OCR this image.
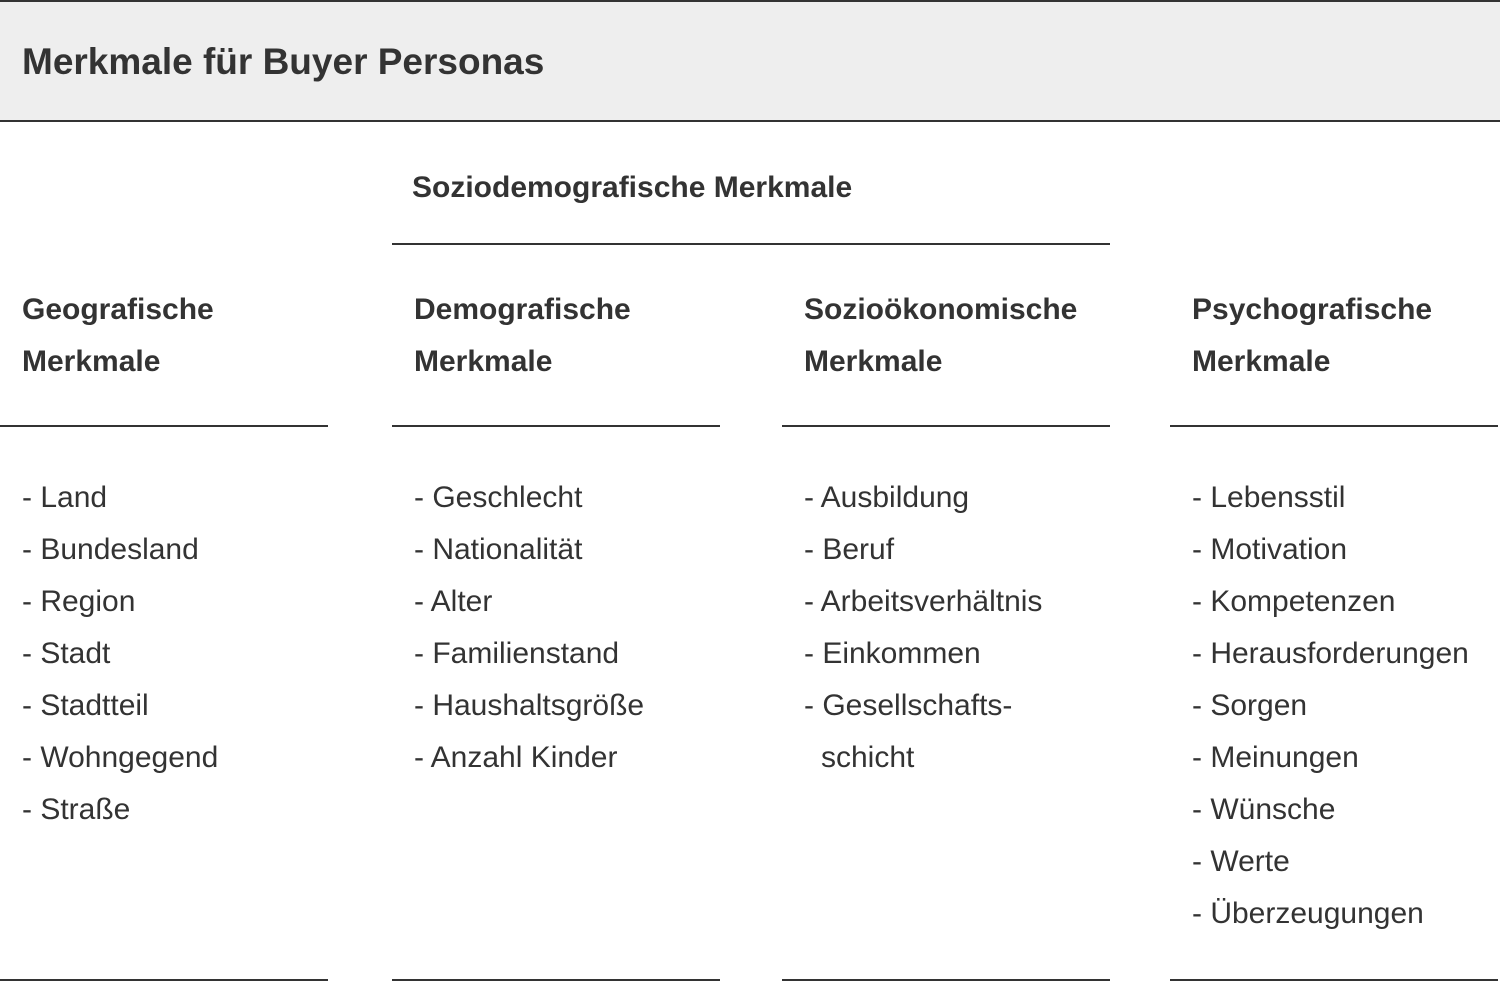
Merkmale für Buyer Personas
Soziodemografische Merkmale
Geografische
Merkmale
- Land
- Bundesland
- Region
- Stadt
- Stadtteil
- Wohngegend
- Straße
Demografische
Merkmale
- Geschlecht
- Nationalität
- Alter
- Familienstand
- Haushaltsgröße
- Anzahl Kinder
Sozioökonomische
Merkmale
- Ausbildung
- Beruf
- Arbeitsverhältnis
- Einkommen
- Gesellschafts-
schicht
Psychografische
Merkmale
- Lebensstil
- Motivation
- Kompetenzen
- Herausforderungen
- Sorgen
- Meinungen
- Wünsche
- Werte
- Überzeugungen
